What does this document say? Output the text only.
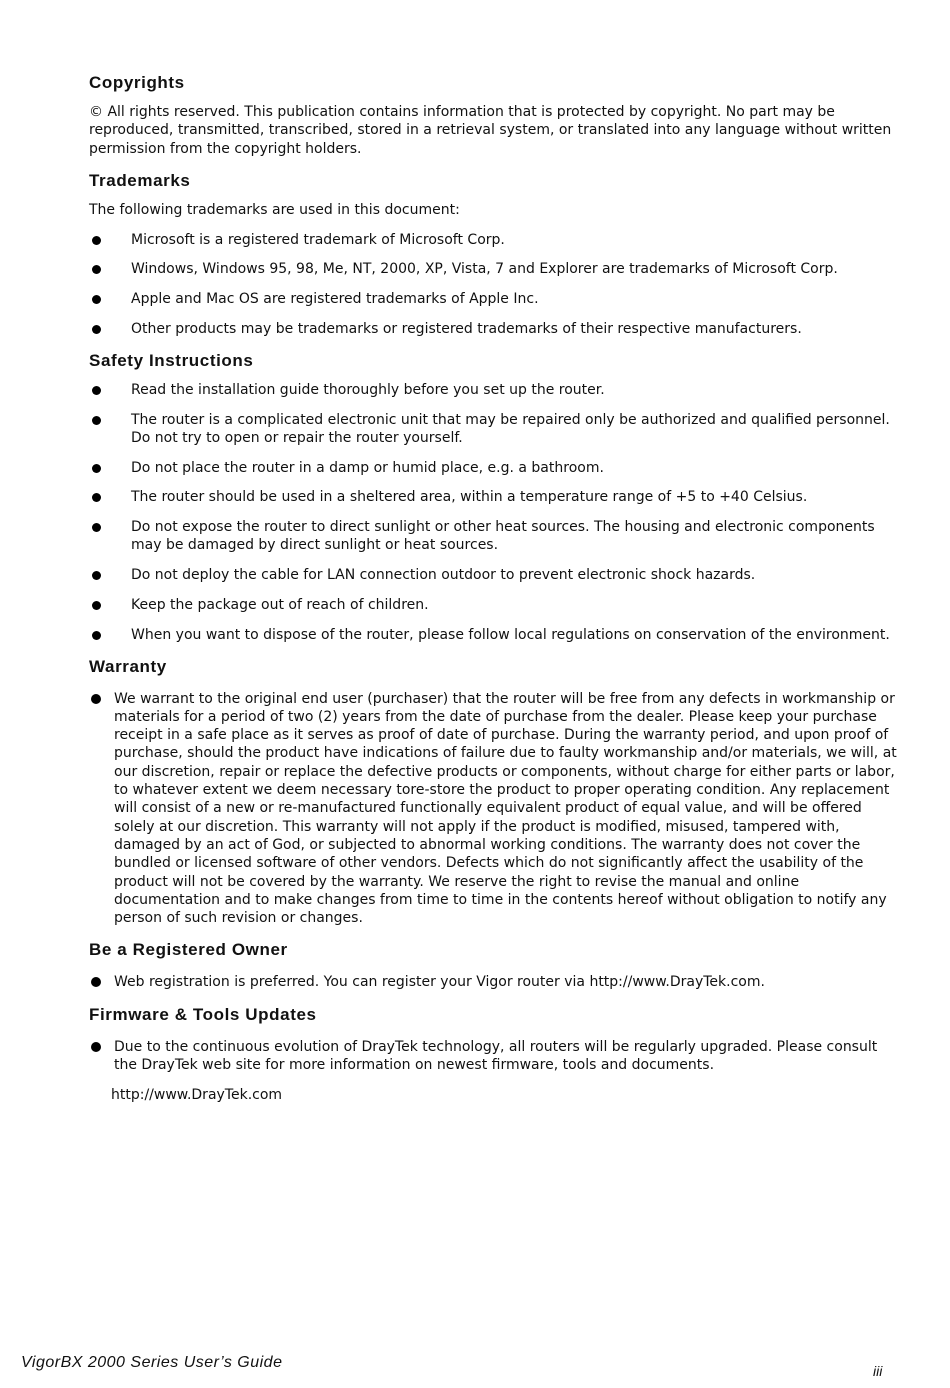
Copyrights

© All rights reserved. This publication contains information that is protected by copyright. No part may be reproduced, transmitted, transcribed, stored in a retrieval system, or translated into any language without written permission from the copyright holders.

Trademarks

The following trademarks are used in this document:

Microsoft is a registered trademark of Microsoft Corp.
Windows, Windows 95, 98, Me, NT, 2000, XP, Vista, 7 and Explorer are trademarks of Microsoft Corp.
Apple and Mac OS are registered trademarks of Apple Inc.
Other products may be trademarks or registered trademarks of their respective manufacturers.
Safety Instructions
Read the installation guide thoroughly before you set up the router.
The router is a complicated electronic unit that may be repaired only be authorized and qualified personnel. Do not try to open or repair the router yourself.
Do not place the router in a damp or humid place, e.g. a bathroom.
The router should be used in a sheltered area, within a temperature range of +5 to +40 Celsius.
Do not expose the router to direct sunlight or other heat sources. The housing and electronic components may be damaged by direct sunlight or heat sources.
Do not deploy the cable for LAN connection outdoor to prevent electronic shock hazards.
Keep the package out of reach of children.
When you want to dispose of the router, please follow local regulations on conservation of the environment.
Warranty
We warrant to the original end user (purchaser) that the router will be free from any defects in workmanship or materials for a period of two (2) years from the date of purchase from the dealer. Please keep your purchase receipt in a safe place as it serves as proof of date of purchase. During the warranty period, and upon proof of purchase, should the product have indications of failure due to faulty workmanship and/or materials, we will, at our discretion, repair or replace the defective products or components, without charge for either parts or labor, to whatever extent we deem necessary tore-store the product to proper operating condition. Any replacement will consist of a new or re-manufactured functionally equivalent product of equal value, and will be offered solely at our discretion. This warranty will not apply if the product is modified, misused, tampered with, damaged by an act of God, or subjected to abnormal working conditions. The warranty does not cover the bundled or licensed software of other vendors. Defects which do not significantly affect the usability of the product will not be covered by the warranty. We reserve the right to revise the manual and online documentation and to make changes from time to time in the contents hereof without obligation to notify any person of such revision or changes.
Be a Registered Owner
Web registration is preferred. You can register your Vigor router via http://www.DrayTek.com.
Firmware & Tools Updates
Due to the continuous evolution of DrayTek technology, all routers will be regularly upgraded. Please consult the DrayTek web site for more information on newest firmware, tools and documents.
http://www.DrayTek.com
VigorBX 2000 Series User’s Guide	iii
